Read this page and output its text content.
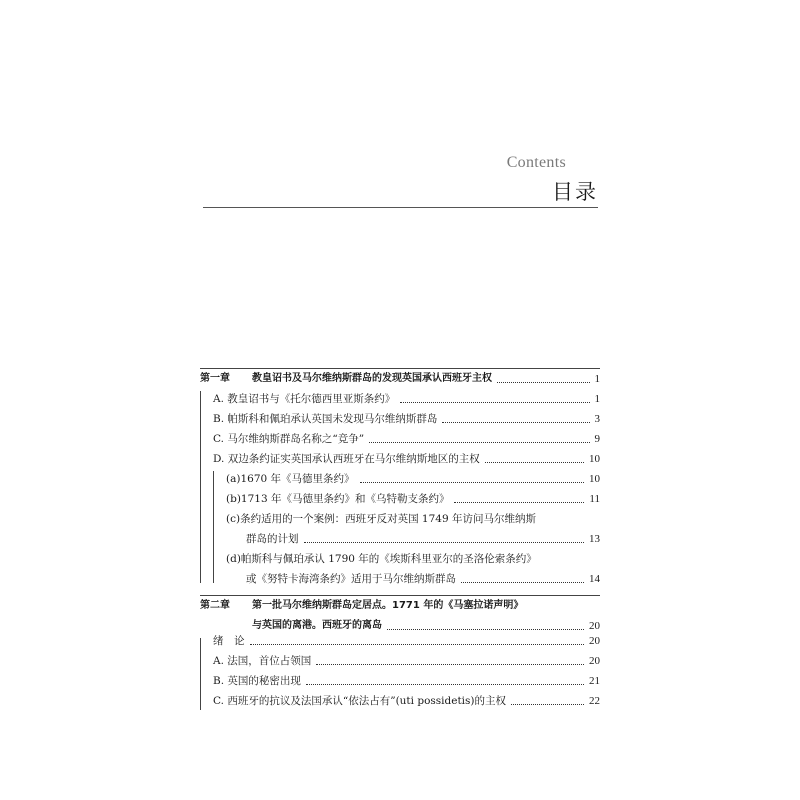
Contents
目录
第一章 教皇诏书及马尔维纳斯群岛的发现英国承认西班牙主权	1
A. 教皇诏书与《托尔德西里亚斯条约》	1
B. 帕斯科和佩珀承认英国未发现马尔维纳斯群岛	3
C. 马尔维纳斯群岛名称之“竞争”	9
D. 双边条约证实英国承认西班牙在马尔维纳斯地区的主权	10
(a)1670 年《马德里条约》	10
(b)1713 年《马德里条约》和《乌特勒支条约》	11
(c)条约适用的一个案例：西班牙反对英国 1749 年访问马尔维纳斯
群岛的计划	13
(d)帕斯科与佩珀承认 1790 年的《埃斯科里亚尔的圣洛伦索条约》
或《努特卡海湾条约》适用于马尔维纳斯群岛	14
第二章 第一批马尔维纳斯群岛定居点。1771 年的《马塞拉诺声明》
与英国的离港。西班牙的离岛	20
绪　论	20
A. 法国，首位占领国	20
B. 英国的秘密出现	21
C. 西班牙的抗议及法国承认“依法占有”(uti possidetis)的主权	22
